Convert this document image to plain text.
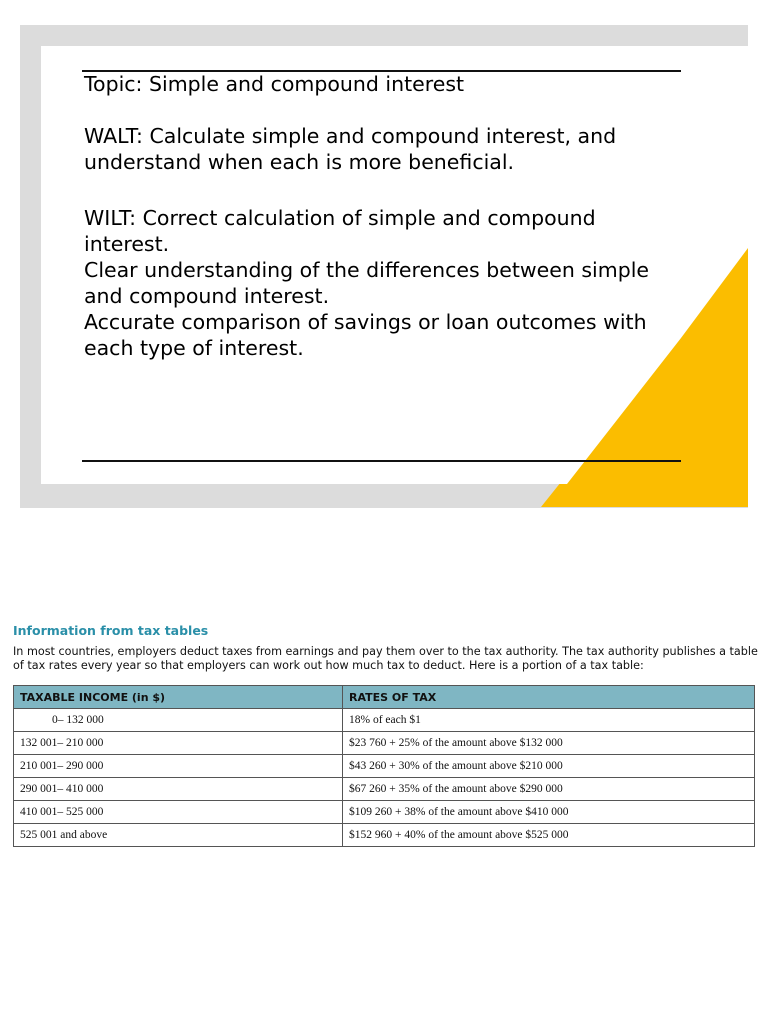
Topic: Simple and compound interest

WALT: Calculate simple and compound interest, and understand when each is more beneficial.

WILT: Correct calculation of simple and compound interest.

Clear understanding of the differences between simple and compound interest.

Accurate comparison of savings or loan outcomes with each type of interest.

Information from tax tables
In most countries, employers deduct taxes from earnings and pay them over to the tax authority. The tax authority publishes a table of tax rates every year so that employers can work out how much tax to deduct. Here is a portion of a tax table:
TAXABLE INCOME (in $)	RATES OF TAX
0– 132 000	18% of each $1
132 001– 210 000	$23 760 + 25% of the amount above $132 000
210 001– 290 000	$43 260 + 30% of the amount above $210 000
290 001– 410 000	$67 260 + 35% of the amount above $290 000
410 001– 525 000	$109 260 + 38% of the amount above $410 000
525 001 and above	$152 960 + 40% of the amount above $525 000
